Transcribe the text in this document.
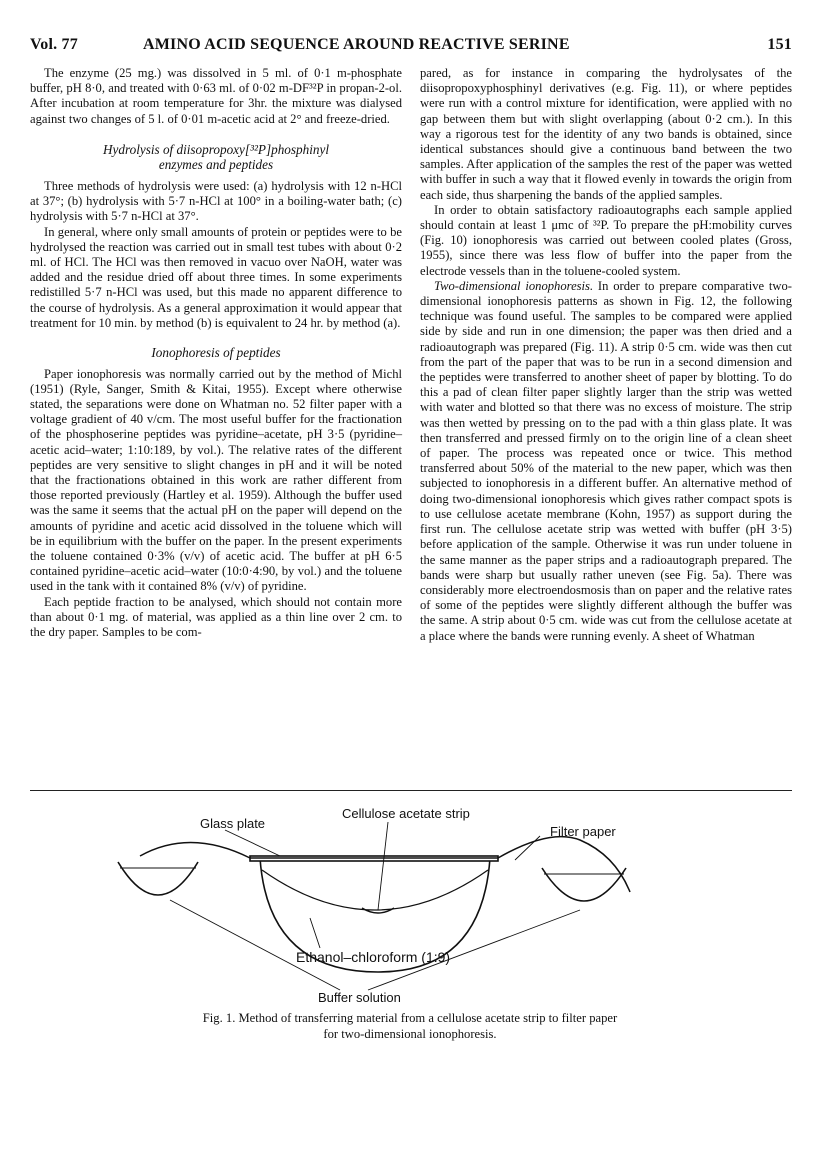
Vol. 77	AMINO ACID SEQUENCE AROUND REACTIVE SERINE	151

The enzyme (25 mg.) was dissolved in 5 ml. of 0·1 m-phosphate buffer, pH 8·0, and treated with 0·63 ml. of 0·02 m-DF³²P in propan-2-ol. After incubation at room temperature for 3hr. the mixture was dialysed against two changes of 5 l. of 0·01 m-acetic acid at 2° and freeze-dried.

Hydrolysis of diisopropoxy[³²P]phosphinyl
enzymes and peptides

Three methods of hydrolysis were used: (a) hydrolysis with 12 n-HCl at 37°; (b) hydrolysis with 5·7 n-HCl at 100° in a boiling-water bath; (c) hydrolysis with 5·7 n-HCl at 37°.

In general, where only small amounts of protein or peptides were to be hydrolysed the reaction was carried out in small test tubes with about 0·2 ml. of HCl. The HCl was then removed in vacuo over NaOH, water was added and the residue dried off about three times. In some experiments redistilled 5·7 n-HCl was used, but this made no apparent difference to the course of hydrolysis. As a general approximation it would appear that treatment for 10 min. by method (b) is equivalent to 24 hr. by method (a).

Ionophoresis of peptides

Paper ionophoresis was normally carried out by the method of Michl (1951) (Ryle, Sanger, Smith & Kitai, 1955). Except where otherwise stated, the separations were done on Whatman no. 52 filter paper with a voltage gradient of 40 v/cm. The most useful buffer for the fractionation of the phosphoserine peptides was pyridine–acetate, pH 3·5 (pyridine–acetic acid–water; 1:10:189, by vol.). The relative rates of the different peptides are very sensitive to slight changes in pH and it will be noted that the fractionations obtained in this work are rather different from those reported previously (Hartley et al. 1959). Although the buffer used was the same it seems that the actual pH on the paper will depend on the amounts of pyridine and acetic acid dissolved in the toluene which will be in equilibrium with the buffer on the paper. In the present experiments the toluene contained 0·3% (v/v) of acetic acid. The buffer at pH 6·5 contained pyridine–acetic acid–water (10:0·4:90, by vol.) and the toluene used in the tank with it contained 8% (v/v) of pyridine.

Each peptide fraction to be analysed, which should not contain more than about 0·1 mg. of material, was applied as a thin line over 2 cm. to the dry paper. Samples to be com-

pared, as for instance in comparing the hydrolysates of the diisopropoxyphosphinyl derivatives (e.g. Fig. 11), or where peptides were run with a control mixture for identification, were applied with no gap between them but with slight overlapping (about 0·2 cm.). In this way a rigorous test for the identity of any two bands is obtained, since identical substances should give a continuous band between the two samples. After application of the samples the rest of the paper was wetted with buffer in such a way that it flowed evenly in towards the origin from each side, thus sharpening the bands of the applied samples.

In order to obtain satisfactory radioautographs each sample applied should contain at least 1 μmc of ³²P. To prepare the pH:mobility curves (Fig. 10) ionophoresis was carried out between cooled plates (Gross, 1955), since there was less flow of buffer into the paper from the electrode vessels than in the toluene-cooled system.

Two-dimensional ionophoresis. In order to prepare comparative two-dimensional ionophoresis patterns as shown in Fig. 12, the following technique was found useful. The samples to be compared were applied side by side and run in one dimension; the paper was then dried and a radioautograph was prepared (Fig. 11). A strip 0·5 cm. wide was then cut from the part of the paper that was to be run in a second dimension and the peptides were transferred to another sheet of paper by blotting. To do this a pad of clean filter paper slightly larger than the strip was wetted with water and blotted so that there was no excess of moisture. The strip was then wetted by pressing on to the pad with a thin glass plate. It was then transferred and pressed firmly on to the origin line of a clean sheet of paper. The process was repeated once or twice. This method transferred about 50% of the material to the new paper, which was then subjected to ionophoresis in a different buffer. An alternative method of doing two-dimensional ionophoresis which gives rather compact spots is to use cellulose acetate membrane (Kohn, 1957) as support during the first run. The cellulose acetate strip was wetted with buffer (pH 3·5) before application of the sample. Otherwise it was run under toluene in the same manner as the paper strips and a radioautograph prepared. The bands were sharp but usually rather uneven (see Fig. 5a). There was considerably more electroendosmosis than on paper and the relative rates of some of the peptides were slightly different although the buffer was the same. A strip about 0·5 cm. wide was cut from the cellulose acetate at a place where the bands were running evenly. A sheet of Whatman

Glass plate
Cellulose acetate strip
Filter paper
Ethanol–chloroform (1:9)
Buffer solution
Fig. 1. Method of transferring material from a cellulose acetate strip to filter paper
for two-dimensional ionophoresis.
